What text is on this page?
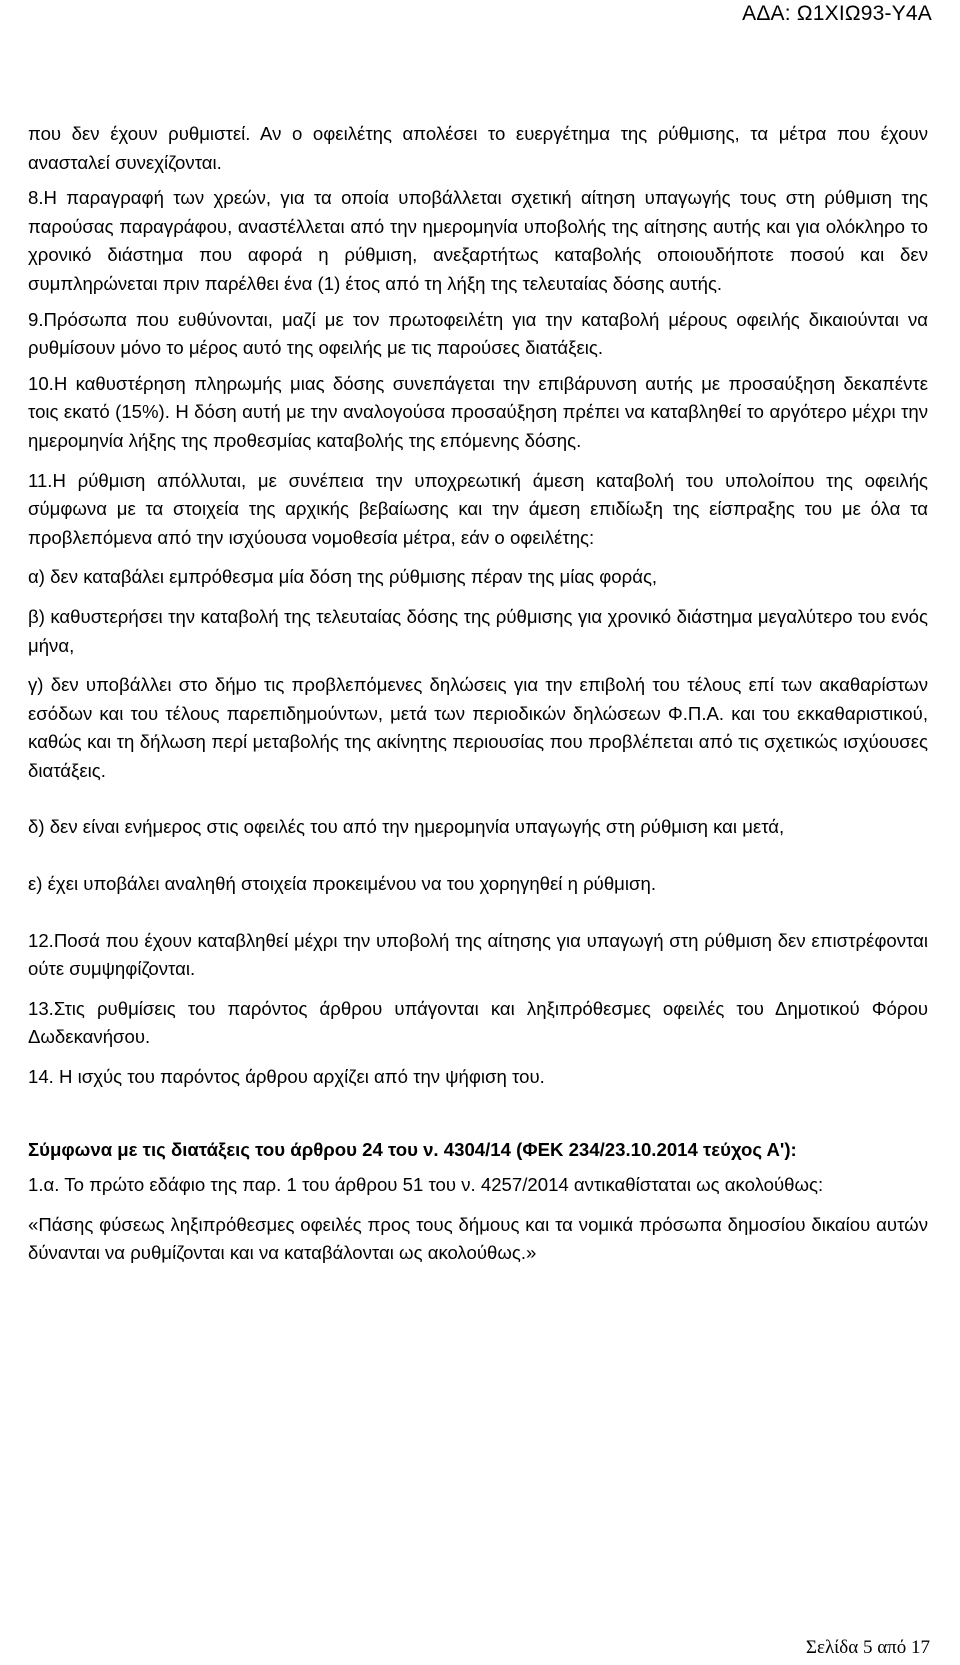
ΑΔΑ: Ω1ΧΙΩ93-Υ4Α

που δεν έχουν ρυθμιστεί. Αν ο οφειλέτης απολέσει το ευεργέτημα της ρύθμισης, τα μέτρα που έχουν ανασταλεί συνεχίζονται.

8.Η παραγραφή των χρεών, για τα οποία υποβάλλεται σχετική αίτηση υπαγωγής τους στη ρύθμιση της παρούσας παραγράφου, αναστέλλεται από την ημερομηνία υποβολής της αίτησης αυτής και για ολόκληρο το χρονικό διάστημα που αφορά η ρύθμιση, ανεξαρτήτως καταβολής οποιουδήποτε ποσού και δεν συμπληρώνεται πριν παρέλθει ένα (1) έτος από τη λήξη της τελευταίας δόσης αυτής.

9.Πρόσωπα που ευθύνονται, μαζί με τον πρωτοφειλέτη για την καταβολή μέρους οφειλής δικαιούνται να ρυθμίσουν μόνο το μέρος αυτό της οφειλής με τις παρούσες διατάξεις.

10.Η καθυστέρηση πληρωμής μιας δόσης συνεπάγεται την επιβάρυνση αυτής με προσαύξηση δεκαπέντε τοις εκατό (15%). Η δόση αυτή με την αναλογούσα προσαύξηση πρέπει να καταβληθεί το αργότερο μέχρι την ημερομηνία λήξης της προθεσμίας καταβολής της επόμενης δόσης.

11.Η ρύθμιση απόλλυται, με συνέπεια την υποχρεωτική άμεση καταβολή του υπολοίπου της οφειλής σύμφωνα με τα στοιχεία της αρχικής βεβαίωσης και την άμεση επιδίωξη της είσπραξης του με όλα τα προβλεπόμενα από την ισχύουσα νομοθεσία μέτρα, εάν ο οφειλέτης:

α) δεν καταβάλει εμπρόθεσμα μία δόση της ρύθμισης πέραν της μίας φοράς,

β) καθυστερήσει την καταβολή της τελευταίας δόσης της ρύθμισης για χρονικό διάστημα μεγαλύτερο του ενός μήνα,

γ) δεν υποβάλλει στο δήμο τις προβλεπόμενες δηλώσεις για την επιβολή του τέλους επί των ακαθαρίστων εσόδων και του τέλους παρεπιδημούντων, μετά των περιοδικών δηλώσεων Φ.Π.Α. και του εκκαθαριστικού, καθώς και τη δήλωση περί μεταβολής της ακίνητης περιουσίας που προβλέπεται από τις σχετικώς ισχύουσες διατάξεις.

δ) δεν είναι ενήμερος στις οφειλές του από την ημερομηνία υπαγωγής στη ρύθμιση και μετά,

ε) έχει υποβάλει αναληθή στοιχεία προκειμένου να του χορηγηθεί η ρύθμιση.

12.Ποσά που έχουν καταβληθεί μέχρι την υποβολή της αίτησης για υπαγωγή στη ρύθμιση δεν επιστρέφονται ούτε συμψηφίζονται.

13.Στις ρυθμίσεις του παρόντος άρθρου υπάγονται και ληξιπρόθεσμες οφειλές του Δημοτικού Φόρου Δωδεκανήσου.

14. Η ισχύς του παρόντος άρθρου αρχίζει από την ψήφιση του.

Σύμφωνα με τις διατάξεις του άρθρου 24 του ν. 4304/14 (ΦΕΚ 234/23.10.2014 τεύχος Α'):

1.α. Το πρώτο εδάφιο της παρ. 1 του άρθρου 51 του ν. 4257/2014 αντικαθίσταται ως ακολούθως:

«Πάσης φύσεως ληξιπρόθεσμες οφειλές προς τους δήμους και τα νομικά πρόσωπα δημοσίου δικαίου αυτών δύνανται να ρυθμίζονται και να καταβάλονται ως ακολούθως.»

Σελίδα 5 από 17
